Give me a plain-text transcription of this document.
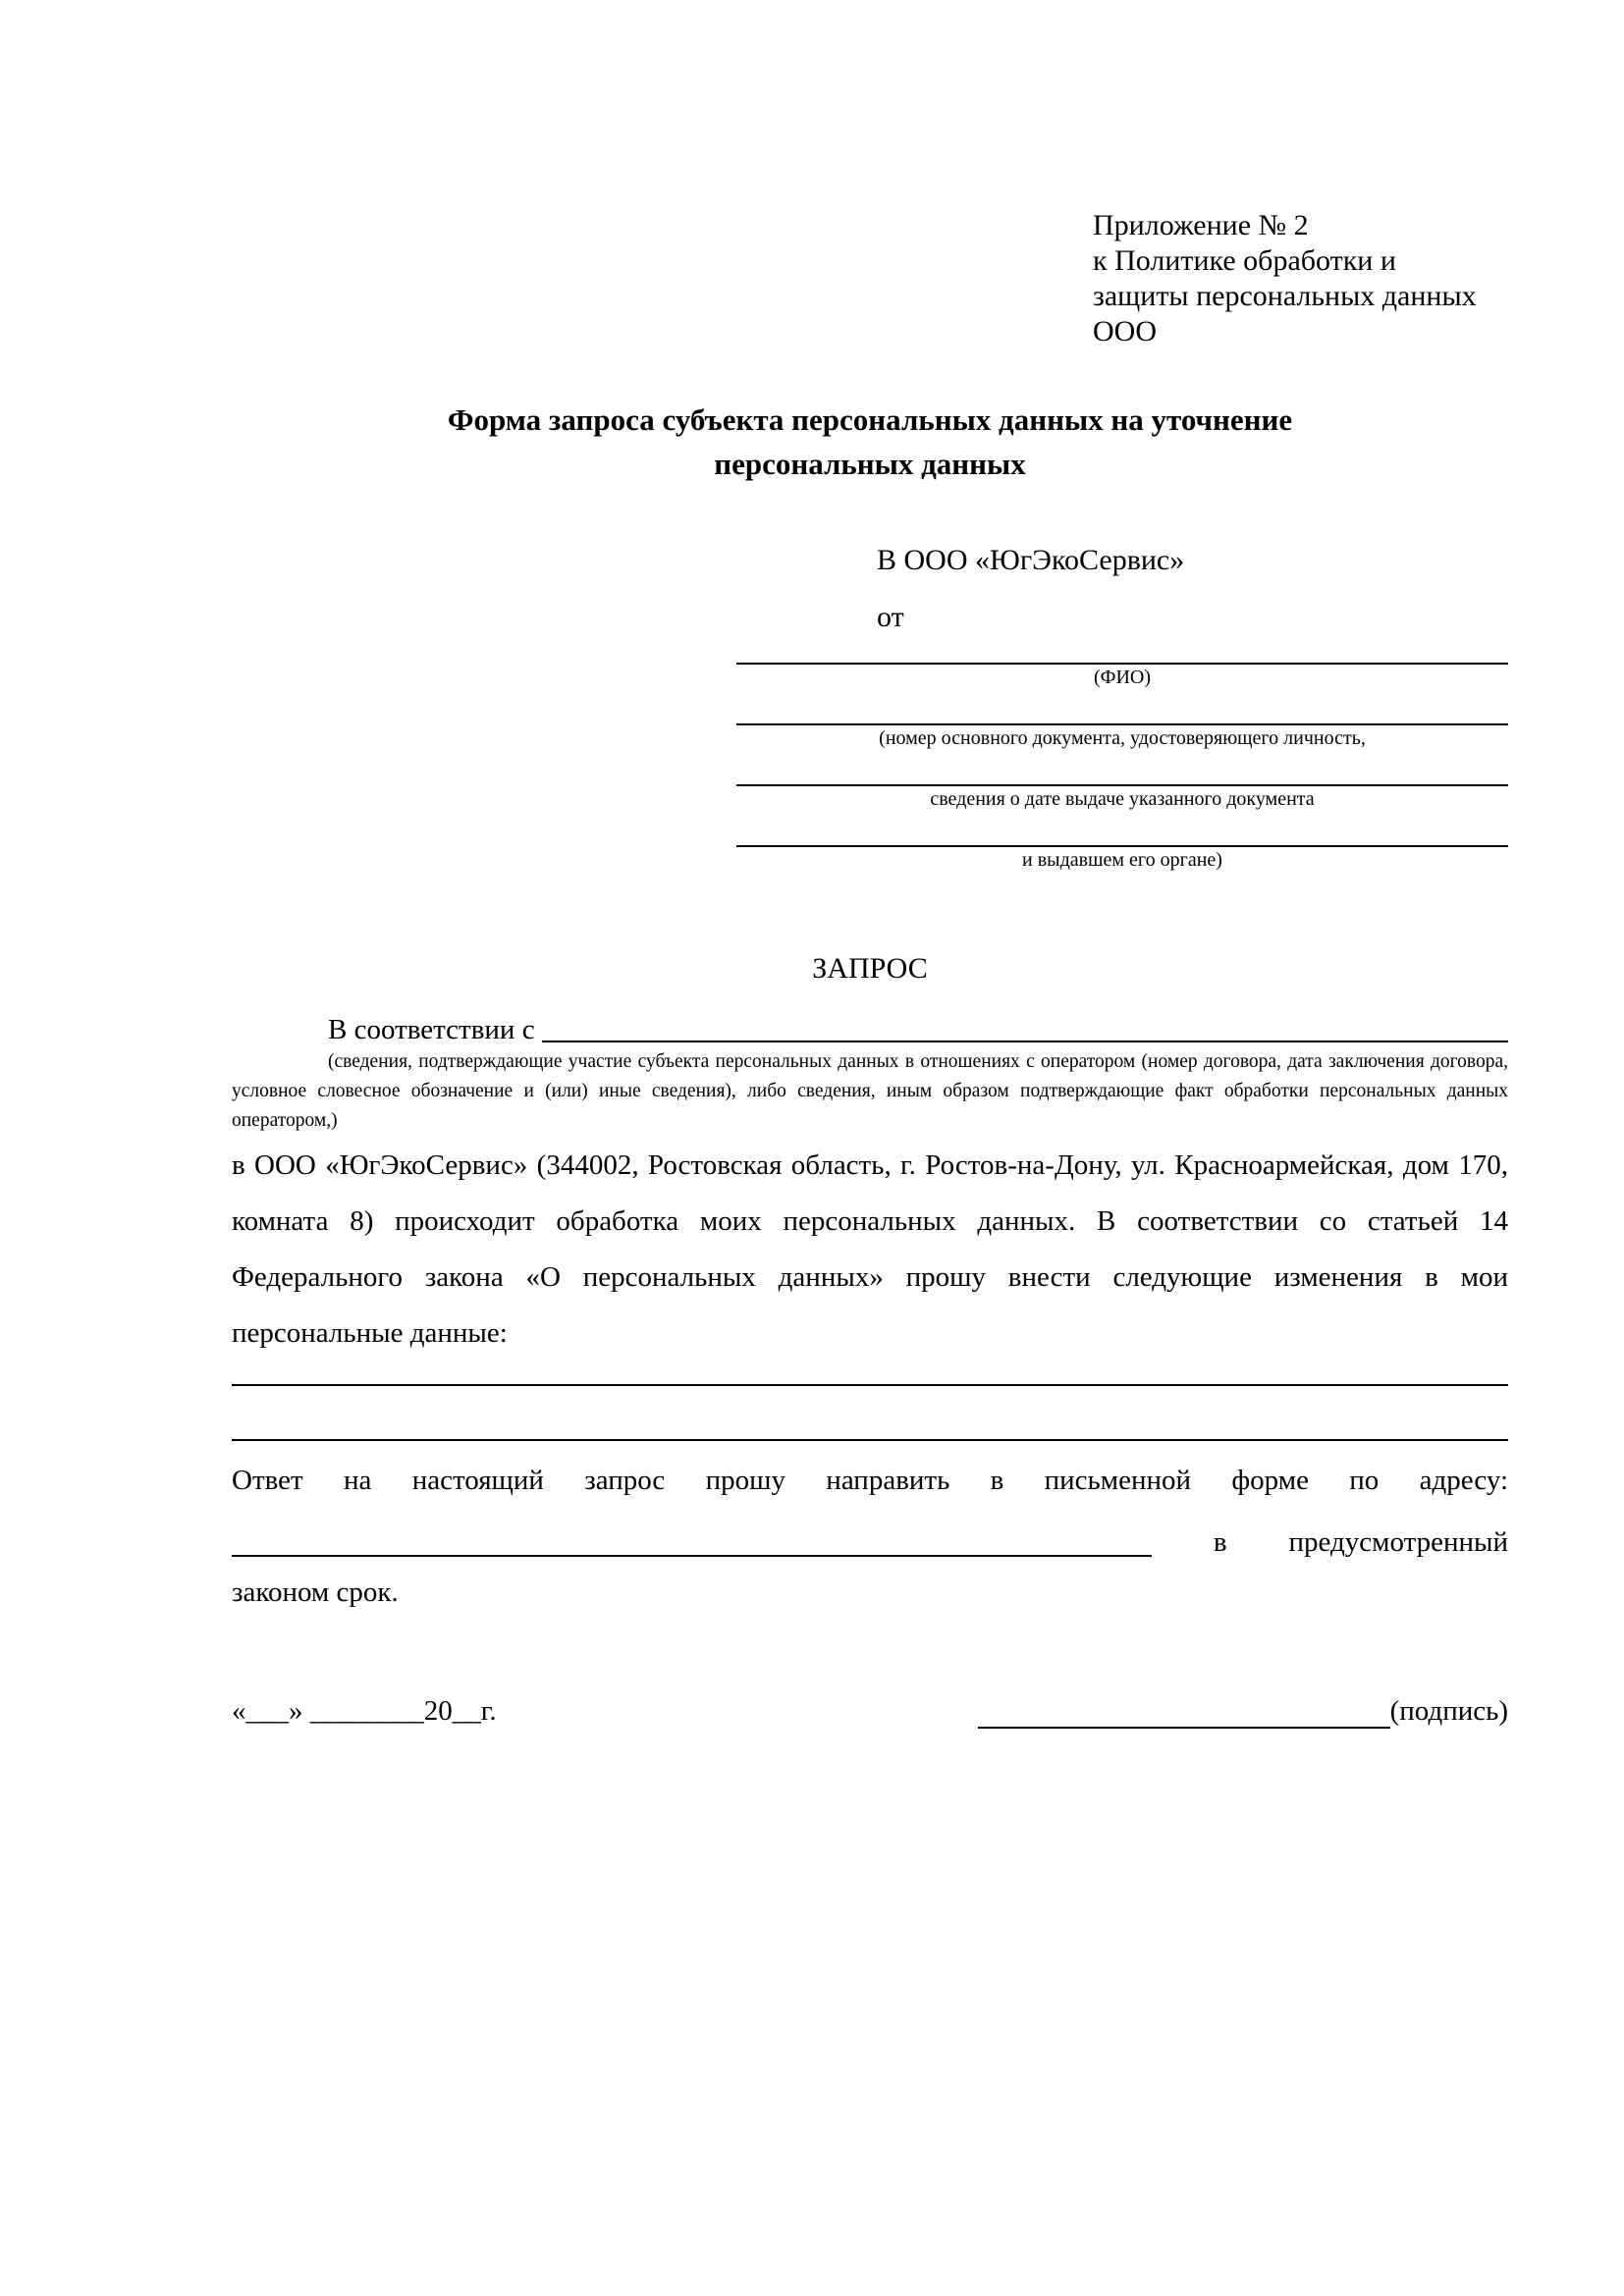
Приложение № 2
к Политике обработки и
защиты персональных данных
ООО
Форма запроса субъекта персональных данных на уточнение
персональных данных
В ООО «ЮгЭкоСервис»
от
(ФИО)
(номер основного документа, удостоверяющего личность,
сведения о дате выдаче указанного документа
и выдавшем его органе)
ЗАПРОС
В соответствии с
(сведения, подтверждающие участие субъекта персональных данных в отношениях с оператором (номер договора, дата заключения договора, условное словесное обозначение и (или) иные сведения), либо сведения, иным образом подтверждающие факт обработки персональных данных оператором,)
в ООО «ЮгЭкоСервис» (344002, Ростовская область, г. Ростов-на-Дону, ул. Красноармейская, дом 170, комната 8) происходит обработка моих персональных данных. В соответствии со статьей 14 Федерального закона «О персональных данных» прошу внести следующие изменения в мои персональные данные:
Ответ на настоящий запрос прошу направить в письменной форме по адресу:
в предусмотренный
законом срок.
«___» ________20__г.	(подпись)
